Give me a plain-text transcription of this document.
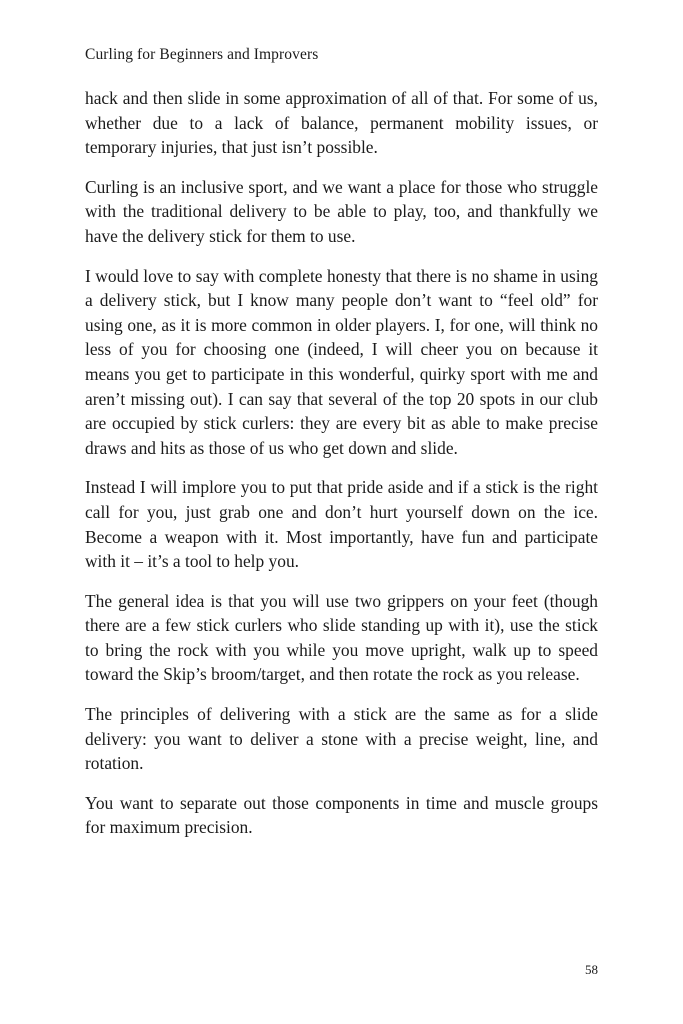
Curling for Beginners and Improvers

hack and then slide in some approximation of all of that. For some of us, whether due to a lack of balance, permanent mobility issues, or temporary injuries, that just isn’t possible.

Curling is an inclusive sport, and we want a place for those who struggle with the traditional delivery to be able to play, too, and thankfully we have the delivery stick for them to use.

I would love to say with complete honesty that there is no shame in using a delivery stick, but I know many people don’t want to “feel old” for using one, as it is more common in older players. I, for one, will think no less of you for choosing one (indeed, I will cheer you on because it means you get to participate in this wonderful, quirky sport with me and aren’t missing out). I can say that several of the top 20 spots in our club are occupied by stick curlers: they are every bit as able to make precise draws and hits as those of us who get down and slide.

Instead I will implore you to put that pride aside and if a stick is the right call for you, just grab one and don’t hurt yourself down on the ice. Become a weapon with it. Most importantly, have fun and participate with it – it’s a tool to help you.

The general idea is that you will use two grippers on your feet (though there are a few stick curlers who slide standing up with it), use the stick to bring the rock with you while you move upright, walk up to speed toward the Skip’s broom/target, and then rotate the rock as you release.

The principles of delivering with a stick are the same as for a slide delivery: you want to deliver a stone with a precise weight, line, and rotation.

You want to separate out those components in time and muscle groups for maximum precision.

58
